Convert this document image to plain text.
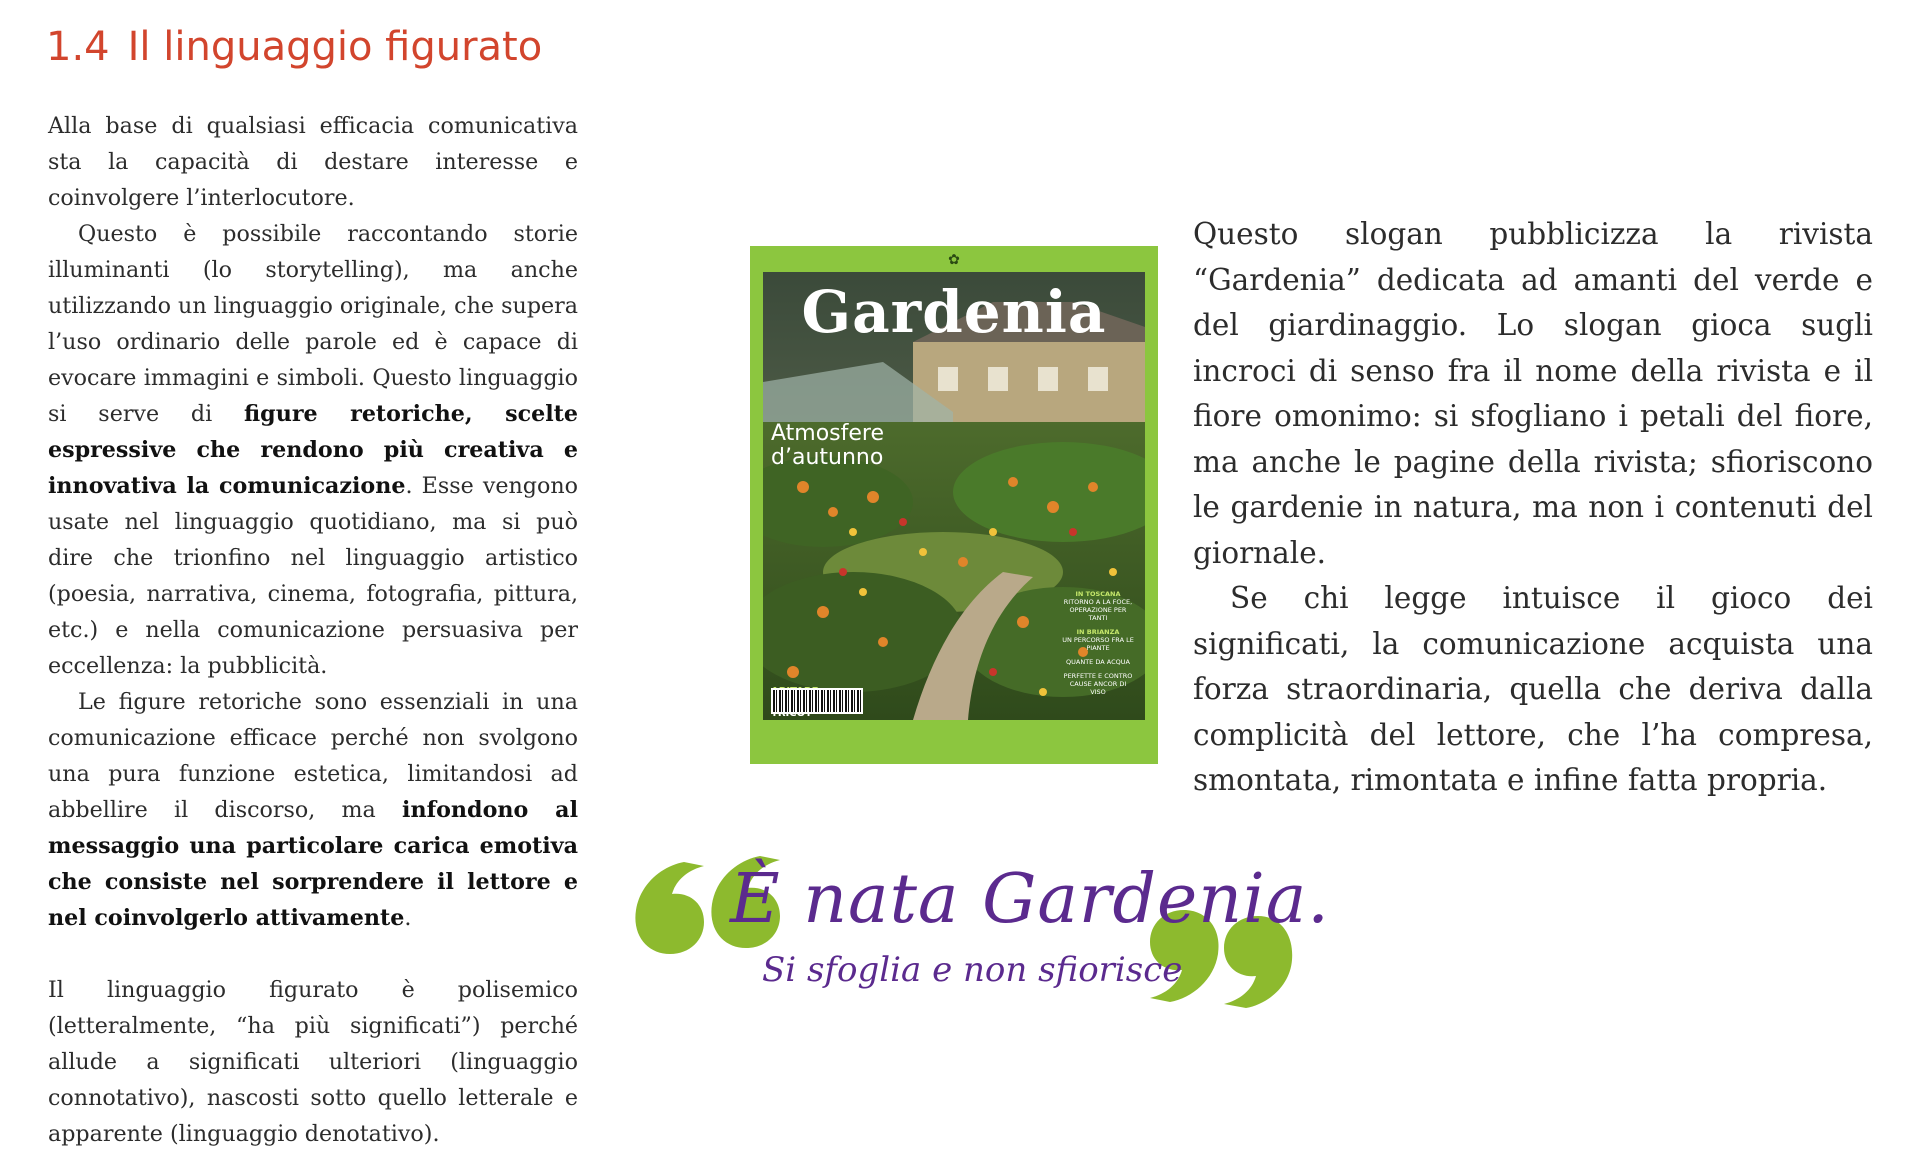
1.4 Il linguaggio figurato

Alla base di qualsiasi efficacia comunicativa sta la capacità di destare interesse e coinvolgere l’interlocutore.

Questo è possibile raccontando storie illuminanti (lo storytelling), ma anche utilizzando un linguaggio originale, che supera l’uso ordinario delle parole ed è capace di evocare immagini e simboli. Questo linguaggio si serve di figure retoriche, scelte espressive che rendono più creativa e innovativa la comunicazione. Esse vengono usate nel linguaggio quotidiano, ma si può dire che trionfino nel linguaggio artistico (poesia, narrativa, cinema, fotografia, pittura, etc.) e nella comunicazione persuasiva per eccellenza: la pubblicità.

Le figure retoriche sono essenziali in una comunicazione efficace perché non svolgono una pura funzione estetica, limitandosi ad abbellire il discorso, ma infondono al messaggio una particolare carica emotiva che consiste nel sorprendere il lettore e nel coinvolgerlo attivamente.

Il linguaggio figurato è polisemico (letteralmente, “ha più significati”) perché allude a significati ulteriori (linguaggio connotativo), nascosti sotto quello letterale e apparente (linguaggio denotativo).

Questo slogan pubblicizza la rivista “Gardenia” dedicata ad amanti del verde e del giardinaggio. Lo slogan gioca sugli incroci di senso fra il nome della rivista e il fiore omonimo: si sfogliano i petali del fiore, ma anche le pagine della rivista; sfioriscono le gardenie in natura, ma non i contenuti del giornale.

Se chi legge intuisce il gioco dei significati, la comunicazione acquista una forza straordinaria, quella che deriva dalla complicità del lettore, che l’ha compresa, smontata, rimontata e infine fatta propria.

✿
Gardenia
Atmosfere
d’autunno
IN TOSCANA
RITORNO A LA FOCE, OPERAZIONE PER TANTI
IN BRIANZA
UN PERCORSO FRA LE PIANTE
QUANTE DA ACQUA
PERFETTE E CONTRO CAUSE ANCOR DI VISO
È nata Gardenia.
Si sfoglia e non sfiorisce
